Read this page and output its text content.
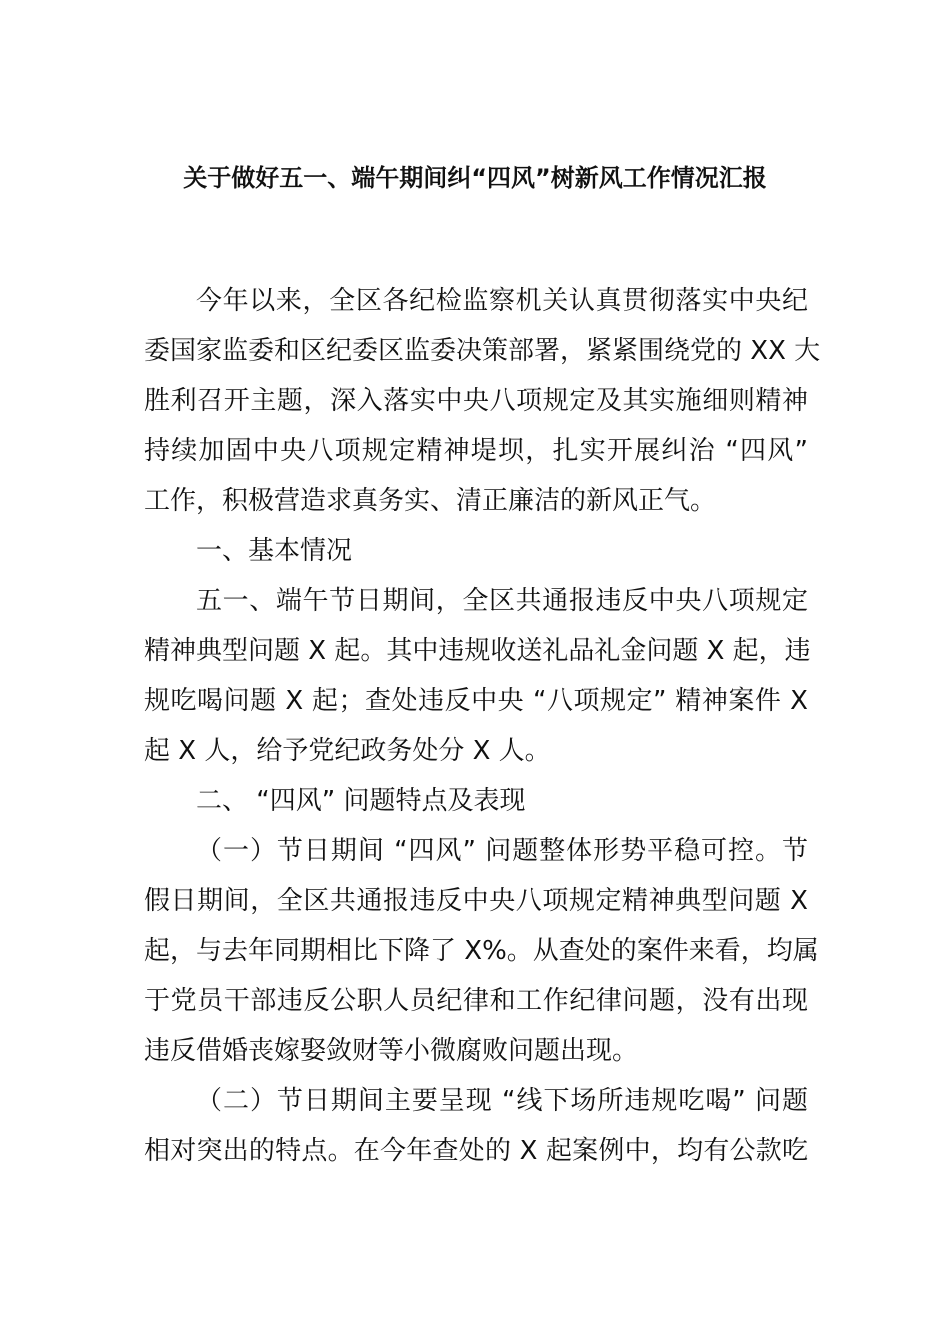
关于做好五一、端午期间纠“四风”树新风工作情况汇报
今年以来，全区各纪检监察机关认真贯彻落实中央纪
委国家监委和区纪委区监委决策部署，紧紧围绕党的 XX 大
胜利召开主题，深入落实中央八项规定及其实施细则精神
持续加固中央八项规定精神堤坝，扎实开展纠治 “四风”
工作，积极营造求真务实、清正廉洁的新风正气。
一、基本情况
五一、端午节日期间，全区共通报违反中央八项规定
精神典型问题 X 起。其中违规收送礼品礼金问题 X 起，违
规吃喝问题 X 起；查处违反中央 “八项规定” 精神案件 X
起 X 人，给予党纪政务处分 X 人。
二、 “四风” 问题特点及表现
（一）节日期间 “四风” 问题整体形势平稳可控。节
假日期间，全区共通报违反中央八项规定精神典型问题 X
起，与去年同期相比下降了 X%。从查处的案件来看，均属
于党员干部违反公职人员纪律和工作纪律问题，没有出现
违反借婚丧嫁娶敛财等小微腐败问题出现。
（二）节日期间主要呈现 “线下场所违规吃喝” 问题
相对突出的特点。在今年查处的 X 起案例中，均有公款吃
